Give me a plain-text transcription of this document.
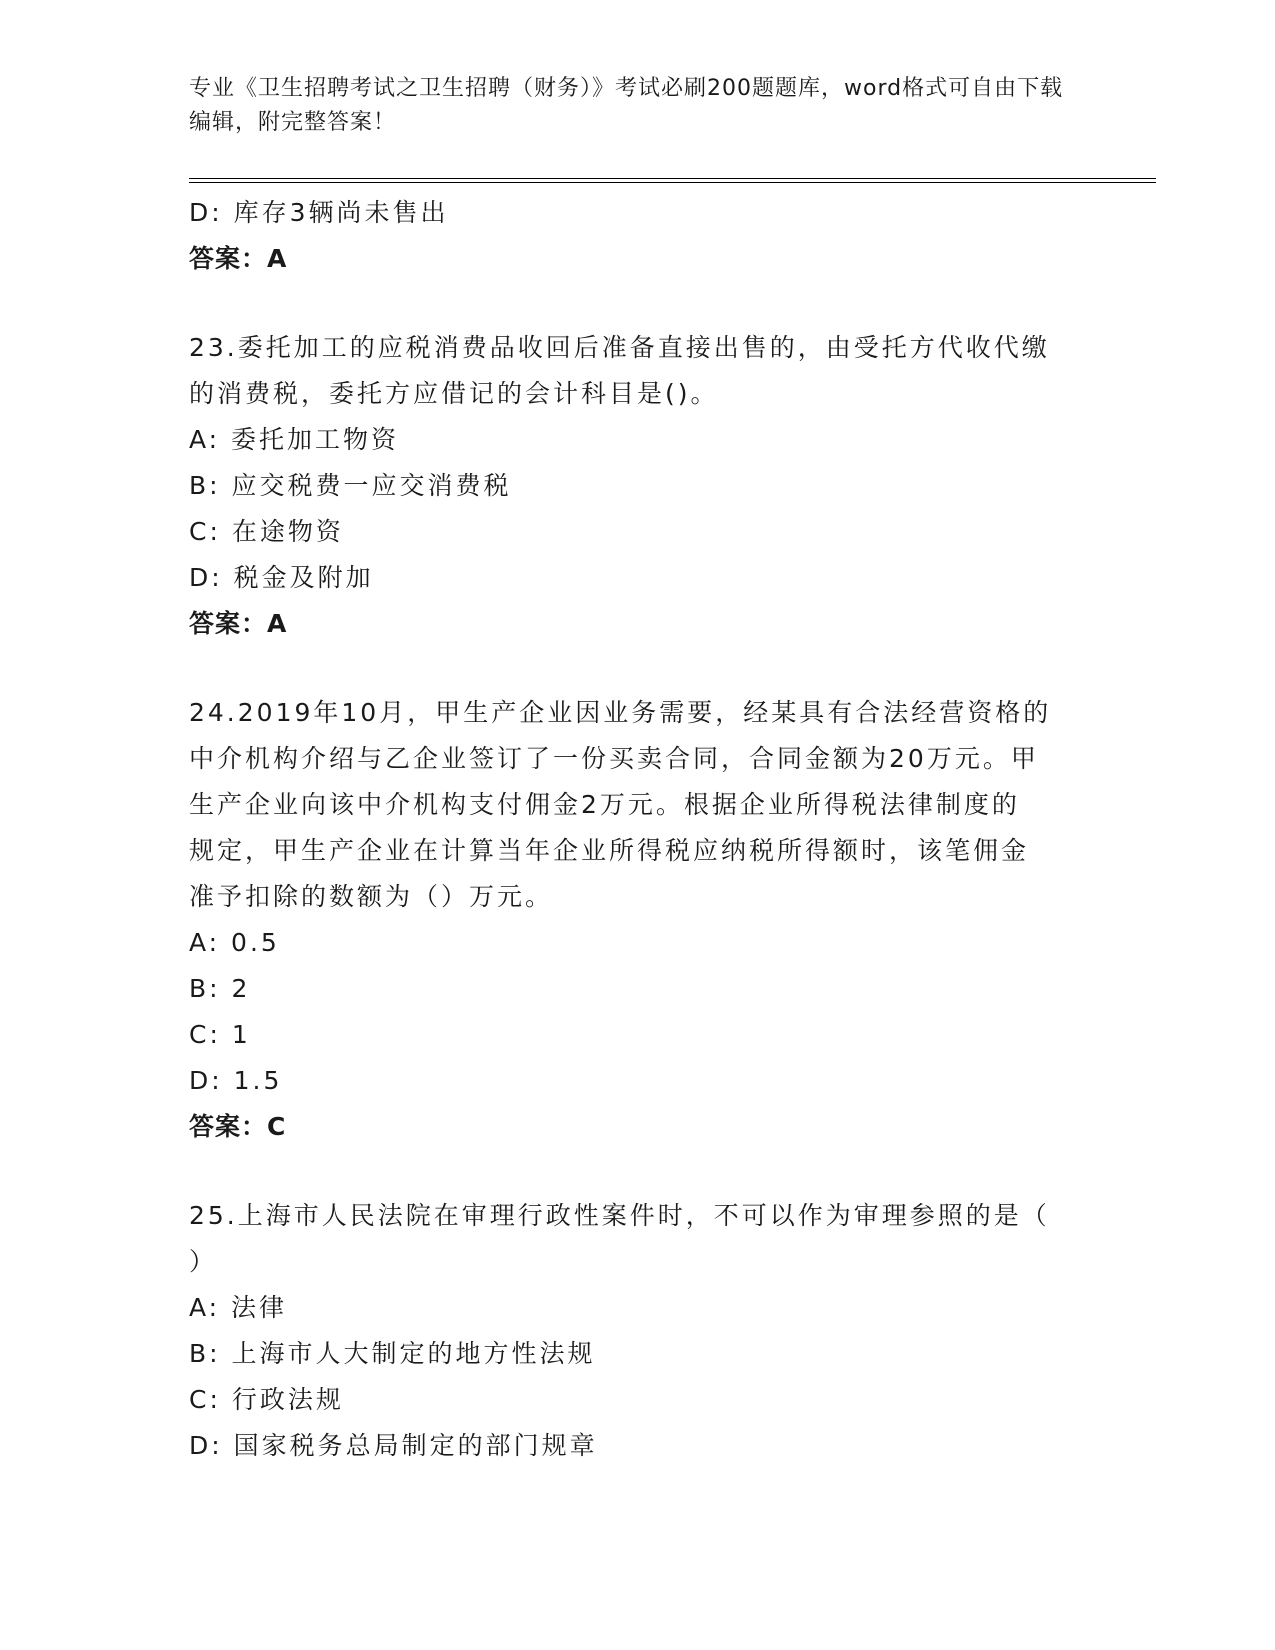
专业《卫生招聘考试之卫生招聘（财务）》考试必刷200题题库，word格式可自由下载编辑，附完整答案！
D: 库存3辆尚未售出
答案：A
23.委托加工的应税消费品收回后准备直接出售的，由受托方代收代缴
的消费税，委托方应借记的会计科目是()。
A: 委托加工物资
B: 应交税费一应交消费税
C: 在途物资
D: 税金及附加
答案：A
24.2019年10月，甲生产企业因业务需要，经某具有合法经营资格的
中介机构介绍与乙企业签订了一份买卖合同，合同金额为20万元。甲
生产企业向该中介机构支付佣金2万元。根据企业所得税法律制度的
规定，甲生产企业在计算当年企业所得税应纳税所得额时，该笔佣金
准予扣除的数额为（）万元。
A: 0.5
B: 2
C: 1
D: 1.5
答案：C
25.上海市人民法院在审理行政性案件时，不可以作为审理参照的是（
）
A: 法律
B: 上海市人大制定的地方性法规
C: 行政法规
D: 国家税务总局制定的部门规章
